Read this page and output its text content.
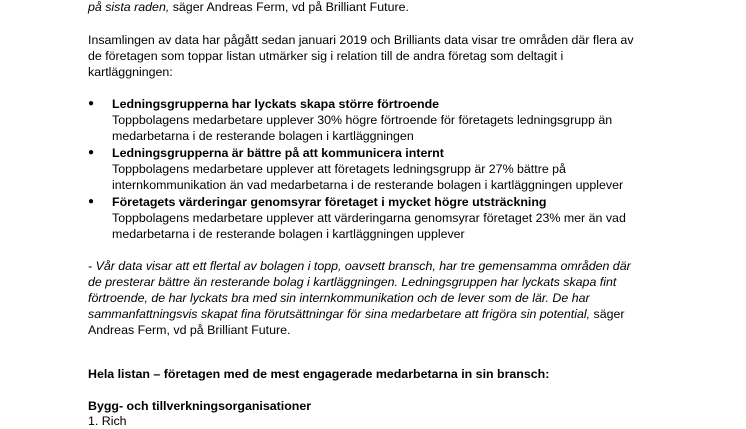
på sista raden, säger Andreas Ferm, vd på Brilliant Future.
Insamlingen av data har pågått sedan januari 2019 och Brilliants data visar tre områden där flera av
de företagen som toppar listan utmärker sig i relation till de andra företag som deltagit i
kartläggningen:
● Ledningsgrupperna har lyckats skapa större förtroende
Toppbolagens medarbetare upplever 30% högre förtroende för företagets ledningsgrupp än
medarbetarna i de resterande bolagen i kartläggningen
● Ledningsgrupperna är bättre på att kommunicera internt
Toppbolagens medarbetare upplever att företagets ledningsgrupp är 27% bättre på
internkommunikation än vad medarbetarna i de resterande bolagen i kartläggningen upplever
● Företagets värderingar genomsyrar företaget i mycket högre utsträckning
Toppbolagens medarbetare upplever att värderingarna genomsyrar företaget 23% mer än vad
medarbetarna i de resterande bolagen i kartläggningen upplever
- Vår data visar att ett flertal av bolagen i topp, oavsett bransch, har tre gemensamma områden där
de presterar bättre än resterande bolag i kartläggningen. Ledningsgruppen har lyckats skapa fint
förtroende, de har lyckats bra med sin internkommunikation och de lever som de lär. De har
sammanfattningsvis skapat fina förutsättningar för sina medarbetare att frigöra sin potential, säger
Andreas Ferm, vd på Brilliant Future.
Hela listan – företagen med de mest engagerade medarbetarna in sin bransch:
Bygg- och tillverkningsorganisationer
1. Rich
